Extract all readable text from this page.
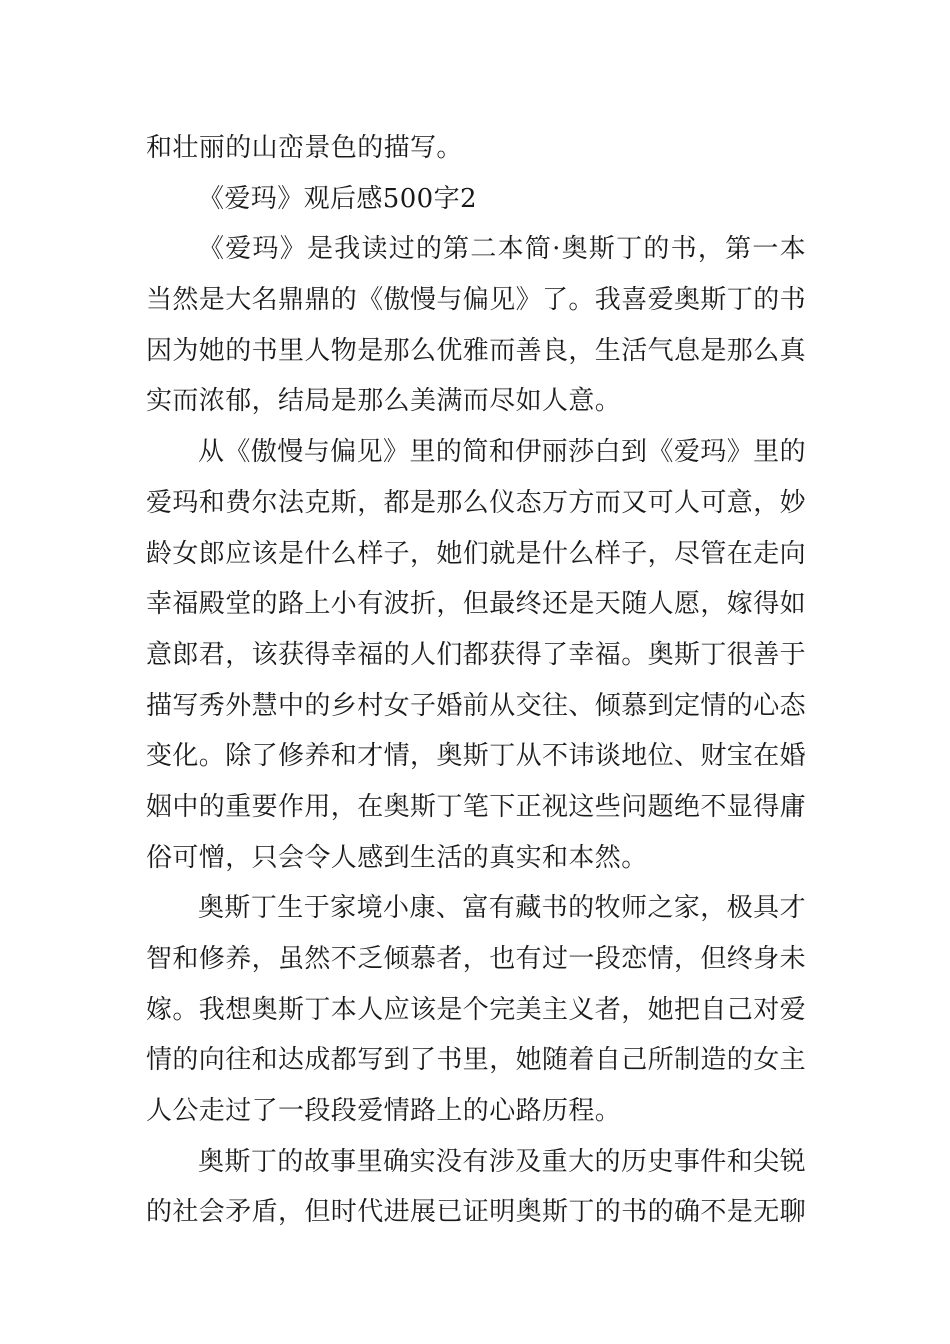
和壮丽的山峦景色的描写。
《爱玛》观后感500字2
《爱玛》是我读过的第二本简·奥斯丁的书，第一本
当然是大名鼎鼎的《傲慢与偏见》了。我喜爱奥斯丁的书
因为她的书里人物是那么优雅而善良，生活气息是那么真
实而浓郁，结局是那么美满而尽如人意。
从《傲慢与偏见》里的简和伊丽莎白到《爱玛》里的
爱玛和费尔法克斯，都是那么仪态万方而又可人可意，妙
龄女郎应该是什么样子，她们就是什么样子，尽管在走向
幸福殿堂的路上小有波折，但最终还是天随人愿，嫁得如
意郎君，该获得幸福的人们都获得了幸福。奥斯丁很善于
描写秀外慧中的乡村女子婚前从交往、倾慕到定情的心态
变化。除了修养和才情，奥斯丁从不讳谈地位、财宝在婚
姻中的重要作用，在奥斯丁笔下正视这些问题绝不显得庸
俗可憎，只会令人感到生活的真实和本然。
奥斯丁生于家境小康、富有藏书的牧师之家，极具才
智和修养，虽然不乏倾慕者，也有过一段恋情，但终身未
嫁。我想奥斯丁本人应该是个完美主义者，她把自己对爱
情的向往和达成都写到了书里，她随着自己所制造的女主
人公走过了一段段爱情路上的心路历程。
奥斯丁的故事里确实没有涉及重大的历史事件和尖锐
的社会矛盾，但时代进展已证明奥斯丁的书的确不是无聊
